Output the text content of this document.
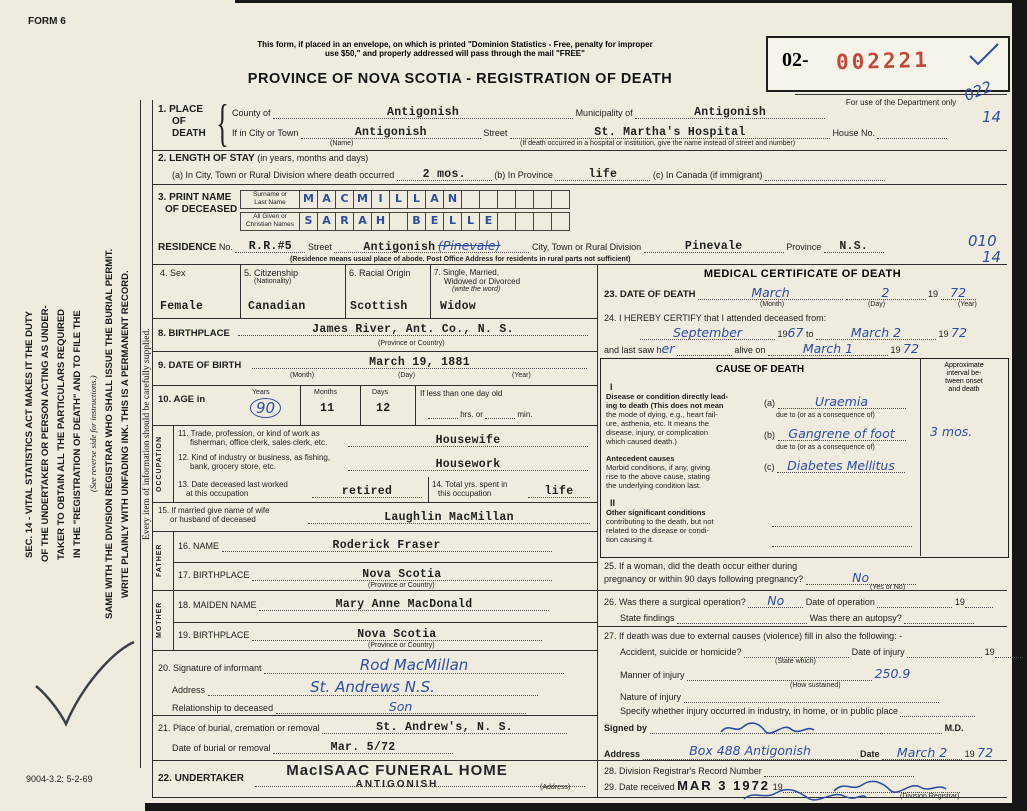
FORM 6
This form, if placed in an envelope, on which is printed "Dominion Statistics - Free, penalty for improper
use $50," and properly addressed will pass through the mail "FREE"	02- 002221
PROVINCE OF NOVA SCOTIA - REGISTRATION OF DEATH
For use of the Department only 022
14
SEC. 14 - VITAL STATISTICS ACT MAKES IT THE DUTY OF THE UNDERTAKER OR PERSON ACTING AS UNDER- TAKER TO OBTAIN ALL THE PARTICULARS REQUIRED IN THE "REGISTRATION OF DEATH" AND TO FILE THE (See reverse side for instructions.) SAME WITH THE DIVISION REGISTRAR WHO SHALL ISSUE THE BURIAL PERMIT. WRITE PLAINLY WITH UNFADING INK. THIS IS A PERMANENT RECORD. Every item of information should be carefully supplied.
9004-3.2: 5-2-69
1. PLACE
OF
DEATH { County of	Antigonish	Municipality of	Antigonish
If in City or Town	Antigonish	Street	St. Martha's Hospital	House No.
(Name)	(If death occurred in a hospital or institution, give the name instead of street and number)
2. LENGTH OF STAY (in years, months and days)
(a) In City, Town or Rural Division where death occurred 2 mos.	(b) In Province	life	(c) In Canada (if immigrant)
3. PRINT NAME
OF DECEASED
Surname or
Last Name	M A C M I	L L A N
All Given or
Christian Names S A R A H	B E L L E
RESIDENCE No. R.R.#5 Street	Antigonish (Pinevale)	City, Town or Rural Division	Pinevale	Province N.S.
(Residence means usual place of abode. Post Office Address for residents in rural parts not sufficient)
010
14
4. Sex
Female
5. Citizenship
(Nationality)
Canadian
6. Racial Origin
Scottish
7. Single, Married,
Widowed or Divorced
(write the word)
Widow
8. BIRTHPLACE	James River, Ant. Co., N. S.
(Province or Country)
9. DATE OF BIRTH	March 19, 1881
(Month)	(Day)	(Year)
10. AGE in
Years
90
Months
11
Days
12
If less than one day old
hrs. or	min.
OCCUPATION
11. Trade, profession, or kind of work as
fisherman, office clerk, sales clerk, etc.	Housewife
12. Kind of industry or business, as fishing,
bank, grocery store, etc.	Housework
13. Date deceased last worked
at this occupation	retired
14. Total yrs. spent in
this occupation	life
15. If married give name of wife
or husband of deceased	Laughlin MacMillan
FATHER	16. NAME	Roderick Fraser
17. BIRTHPLACE	Nova Scotia
(Province or Country)
MOTHER	18. MAIDEN NAME	Mary Anne MacDonald
19. BIRTHPLACE	Nova Scotia
(Province or Country)
20. Signature of informant	Rod MacMillan
Address	St. Andrews N.S.
Relationship to deceased	Son
21. Place of burial, cremation or removal	St. Andrew's, N. S.
Date of burial or removal	Mar. 5/72
22. UNDERTAKER	MacISAAC FUNERAL HOME
ANTIGONISH	(Address)
MEDICAL CERTIFICATE OF DEATH
23. DATE OF DEATH	March	2	19 72
(Month)	(Day)	(Year)
24. I HEREBY CERTIFY that I attended deceased from:
September	1967 to	March 2	19 72
and last saw her	alive on	March 1	19 72
CAUSE OF DEATH	Approximate
interval be-
tween onset
and death
I
Disease or condition directly lead-
ing to death (This does not mean
the mode of dying, e.g., heart fail-
ure, asthenia, etc. It means the
disease, injury, or complication
which caused death.)
(a)	Uraemia
due to (or as a consequence of)
(b) Gangrene of foot
due to (or as a consequence of)
(c) Diabetes Mellitus
3 mos.
Antecedent causes
Morbid conditions, if any, giving
rise to the above cause, stating
the underlying condition last.
II
Other significant conditions
contributing to the death, but not
related to the disease or condi-
tion causing it.
25. If a woman, did the death occur either during
pregnancy or within 90 days following pregnancy?	No
(Yes or No)
26. Was there a surgical operation? No Date of operation	19
State findings	Was there an autopsy?
27. If death was due to external causes (violence) fill in also the following: -
Accident, suicide or homicide?	Date of injury	19
(State which)
Manner of injury	250.9
(How sustained)
Nature of injury
Specify whether injury occurred in industry, in home, or in public place
Signed by	M.D.
Address	Box 488 Antigonish	Date March 2 19 72
28. Division Registrar's Record Number
29. Date received MAR 3 1972 19
(Division Registrar)
